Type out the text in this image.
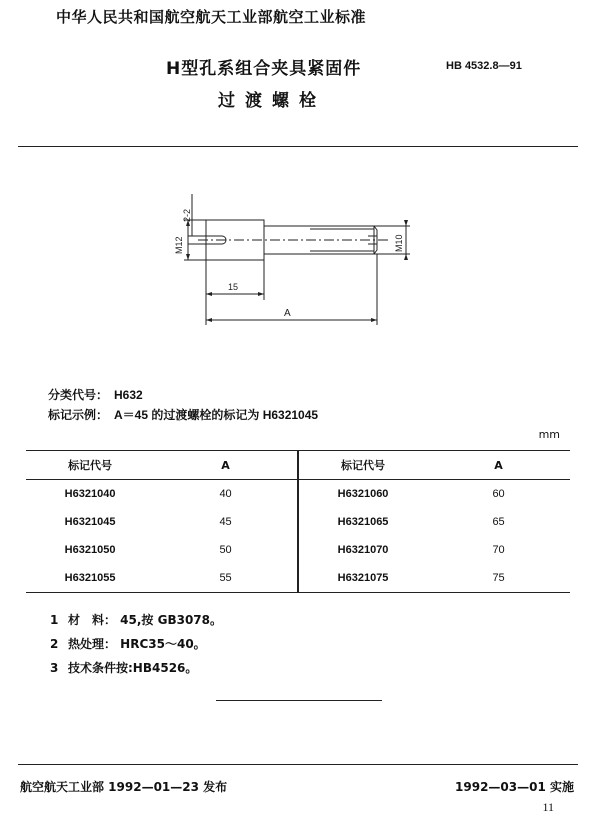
中华人民共和国航空航天工业部航空工业标准
H型孔系组合夹具紧固件
过渡螺栓
HB 4532.8—91
2-2
M12	M10
15
A
分类代号： H632
标记示例： A＝45 的过渡螺栓的标记为 H6321045
mm
标记代号	A	标记代号	A
H6321040	40	H6321060	60
H6321045	45	H6321065	65
H6321050	50	H6321070	70
H6321055	55	H6321075	75
1 材　料： 45,按 GB3078。
2 热处理： HRC35～40。
3 技术条件按:HB4526。
航空航天工业部 1992—01—23 发布	1992—03—01 实施
11
